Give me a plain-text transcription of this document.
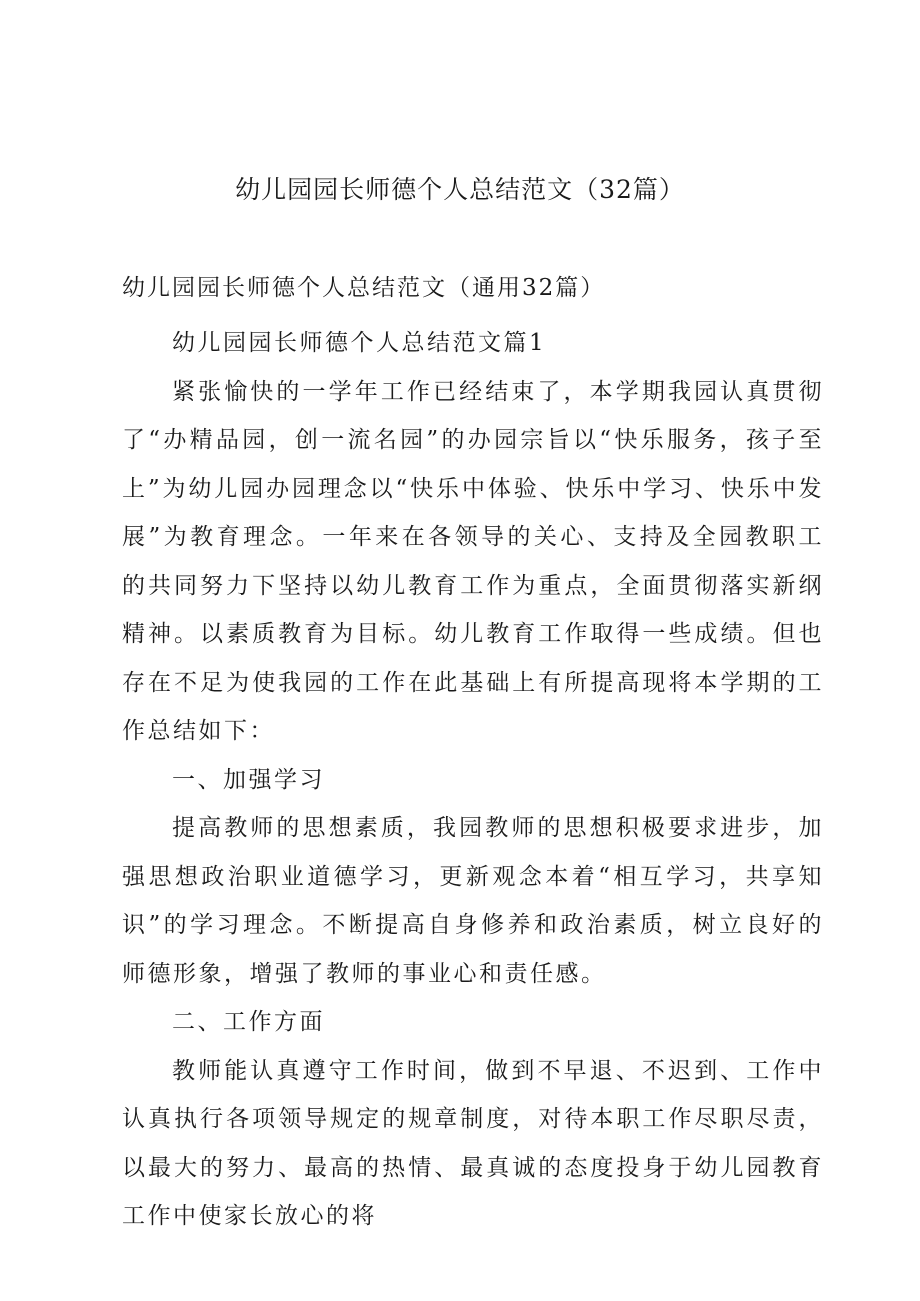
幼儿园园长师德个人总结范文（32篇）
幼儿园园长师德个人总结范文（通用32篇）

幼儿园园长师德个人总结范文篇1

紧张愉快的一学年工作已经结束了，本学期我园认真贯彻了“办精品园，创一流名园”的办园宗旨以“快乐服务，孩子至上”为幼儿园办园理念以“快乐中体验、快乐中学习、快乐中发展”为教育理念。一年来在各领导的关心、支持及全园教职工的共同努力下坚持以幼儿教育工作为重点，全面贯彻落实新纲精神。以素质教育为目标。幼儿教育工作取得一些成绩。但也存在不足为使我园的工作在此基础上有所提高现将本学期的工作总结如下：

一、加强学习

提高教师的思想素质，我园教师的思想积极要求进步，加强思想政治职业道德学习，更新观念本着“相互学习，共享知识”的学习理念。不断提高自身修养和政治素质，树立良好的师德形象，增强了教师的事业心和责任感。

二、工作方面

教师能认真遵守工作时间，做到不早退、不迟到、工作中认真执行各项领导规定的规章制度，对待本职工作尽职尽责，以最大的努力、最高的热情、最真诚的态度投身于幼儿园教育工作中使家长放心的将
